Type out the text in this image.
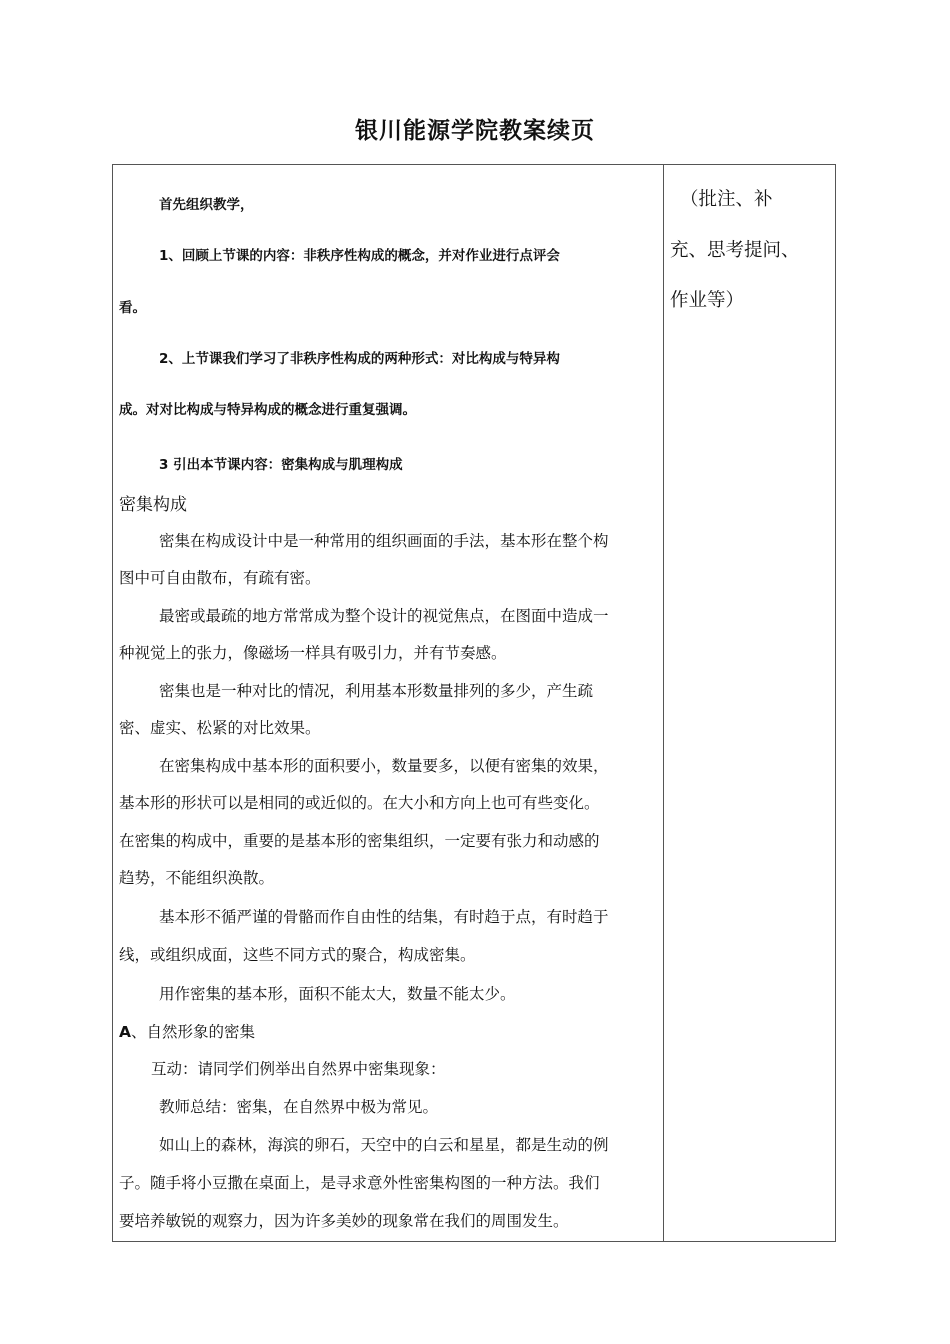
银川能源学院教案续页

首先组织教学，

1、回顾上节课的内容：非秩序性构成的概念，并对作业进行点评会

看。

2、上节课我们学习了非秩序性构成的两种形式：对比构成与特异构

成。对对比构成与特异构成的概念进行重复强调。

3 引出本节课内容：密集构成与肌理构成

密集构成

密集在构成设计中是一种常用的组织画面的手法，基本形在整个构

图中可自由散布，有疏有密。

最密或最疏的地方常常成为整个设计的视觉焦点，在图面中造成一

种视觉上的张力，像磁场一样具有吸引力，并有节奏感。

密集也是一种对比的情况，利用基本形数量排列的多少，产生疏

密、虚实、松紧的对比效果。

在密集构成中基本形的面积要小，数量要多，以便有密集的效果，

基本形的形状可以是相同的或近似的。在大小和方向上也可有些变化。

在密集的构成中，重要的是基本形的密集组织，一定要有张力和动感的

趋势，不能组织涣散。

基本形不循严谨的骨骼而作自由性的结集，有时趋于点，有时趋于

线，或组织成面，这些不同方式的聚合，构成密集。

用作密集的基本形，面积不能太大，数量不能太少。

A、自然形象的密集

互动：请同学们例举出自然界中密集现象：

教师总结：密集，在自然界中极为常见。

如山上的森林，海滨的卵石，天空中的白云和星星，都是生动的例

子。随手将小豆撒在桌面上，是寻求意外性密集构图的一种方法。我们

要培养敏锐的观察力，因为许多美妙的现象常在我们的周围发生。

（批注、补

充、思考提问、

作业等）
